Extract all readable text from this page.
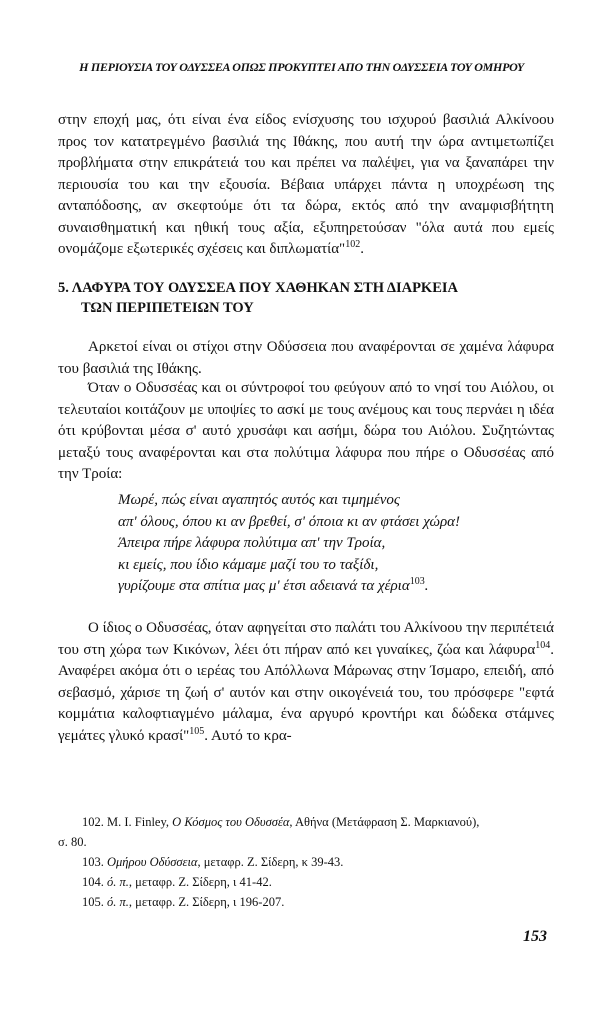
Η ΠΕΡΙΟΥΣΙΑ ΤΟΥ ΟΔΥΣΣΕΑ ΟΠΩΣ ΠΡΟΚΥΠΤΕΙ ΑΠΟ ΤΗΝ ΟΔΥΣΣΕΙΑ ΤΟΥ ΟΜΗΡΟΥ

στην εποχή μας, ότι είναι ένα είδος ενίσχυσης του ισχυρού βασιλιά Αλκίνοου προς τον κατατρεγμένο βασιλιά της Ιθάκης, που αυτή την ώρα αντιμετωπίζει προβλήματα στην επικράτειά του και πρέπει να παλέψει, για να ξαναπάρει την περιουσία του και την εξουσία. Βέβαια υπάρχει πάντα η υποχρέωση της ανταπόδοσης, αν σκεφτούμε ότι τα δώρα, εκτός από την αναμφισβήτητη συναισθηματική και ηθική τους αξία, εξυπηρετούσαν "όλα αυτά που εμείς ονομάζομε εξωτερικές σχέσεις και διπλωματία"$^{102}$.

5. ΛΑΦΥΡΑ ΤΟΥ ΟΔΥΣΣΕΑ ΠΟΥ ΧΑΘΗΚΑΝ ΣΤΗ ΔΙΑΡΚΕΙΑ
ΤΩΝ ΠΕΡΙΠΕΤΕΙΩΝ ΤΟΥ

Αρκετοί είναι οι στίχοι στην Οδύσσεια που αναφέρονται σε χαμένα λάφυρα του βασιλιά της Ιθάκης.

Όταν ο Οδυσσέας και οι σύντροφοί του φεύγουν από το νησί του Αιόλου, οι τελευταίοι κοιτάζουν με υποψίες το ασκί με τους ανέμους και τους περνάει η ιδέα ότι κρύβονται μέσα σ' αυτό χρυσάφι και ασήμι, δώρα του Αιόλου. Συζητώντας μεταξύ τους αναφέρονται και στα πολύτιμα λάφυρα που πήρε ο Οδυσσέας από την Τροία:

Μωρέ, πώς είναι αγαπητός αυτός και τιμημένος
απ' όλους, όπου κι αν βρεθεί, σ' όποια κι αν φτάσει χώρα!
Άπειρα πήρε λάφυρα πολύτιμα απ' την Τροία,
κι εμείς, που ίδιο κάμαμε μαζί του το ταξίδι,
γυρίζουμε στα σπίτια μας μ' έτσι αδειανά τα χέρια$^{103}$.

Ο ίδιος ο Οδυσσέας, όταν αφηγείται στο παλάτι του Αλκίνοου την περιπέτειά του στη χώρα των Κικόνων, λέει ότι πήραν από κει γυναίκες, ζώα και λάφυρα$^{104}$. Αναφέρει ακόμα ότι ο ιερέας του Απόλλωνα Μάρωνας στην Ίσμαρο, επειδή, από σεβασμό, χάρισε τη ζωή σ' αυτόν και στην οικογένειά του, του πρόσφερε "εφτά κομμάτια καλοφτιαγμένο μάλαμα, ένα αργυρό κροντήρι και δώδεκα στάμνες γεμάτες γλυκό κρασί"$^{105}$. Αυτό το κρα-

102. M. I. Finley, Ο Κόσμος του Οδυσσέα, Αθήνα (Μετάφραση Σ. Μαρκιανού),
σ. 80.
103. Ομήρου Οδύσσεια, μεταφρ. Ζ. Σίδερη, κ 39-43.
104. ό. π., μεταφρ. Ζ. Σίδερη, ι 41-42.
105. ό. π., μεταφρ. Ζ. Σίδερη, ι 196-207.
153
